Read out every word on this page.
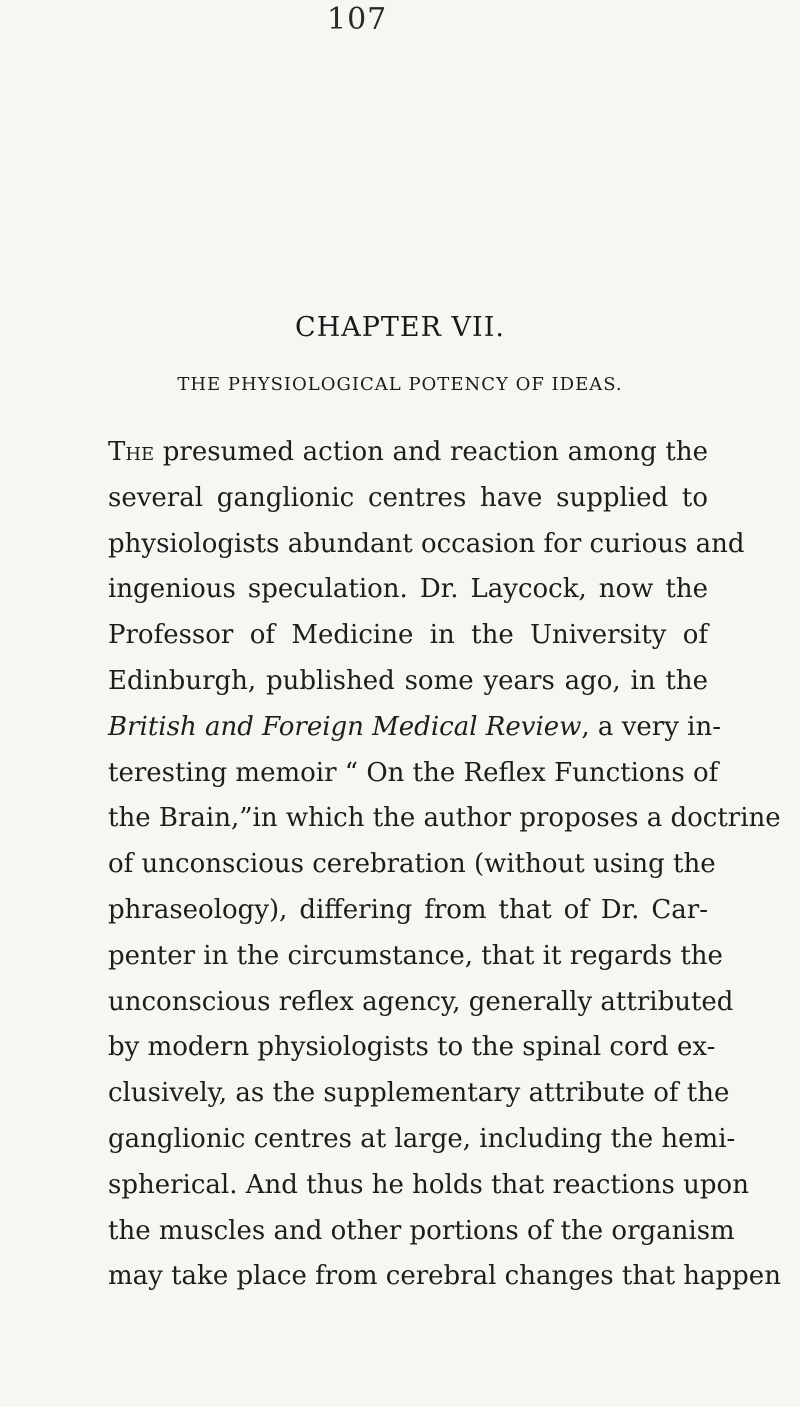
107
CHAPTER VII.
THE PHYSIOLOGICAL POTENCY OF IDEAS.
The presumed action and reaction among the
several ganglionic centres have supplied to
physiologists abundant occasion for curious and
ingenious speculation. Dr. Laycock, now the
Professor of Medicine in the University of
Edinburgh, published some years ago, in the
British and Foreign Medical Review, a very in-
teresting memoir “ On the Reflex Functions of
the Brain,”in which the author proposes a doctrine
of unconscious cerebration (without using the
phraseology), differing from that of Dr. Car-
penter in the circumstance, that it regards the
unconscious reflex agency, generally attributed
by modern physiologists to the spinal cord ex-
clusively, as the supplementary attribute of the
ganglionic centres at large, including the hemi-
spherical. And thus he holds that reactions upon
the muscles and other portions of the organism
may take place from cerebral changes that happen
